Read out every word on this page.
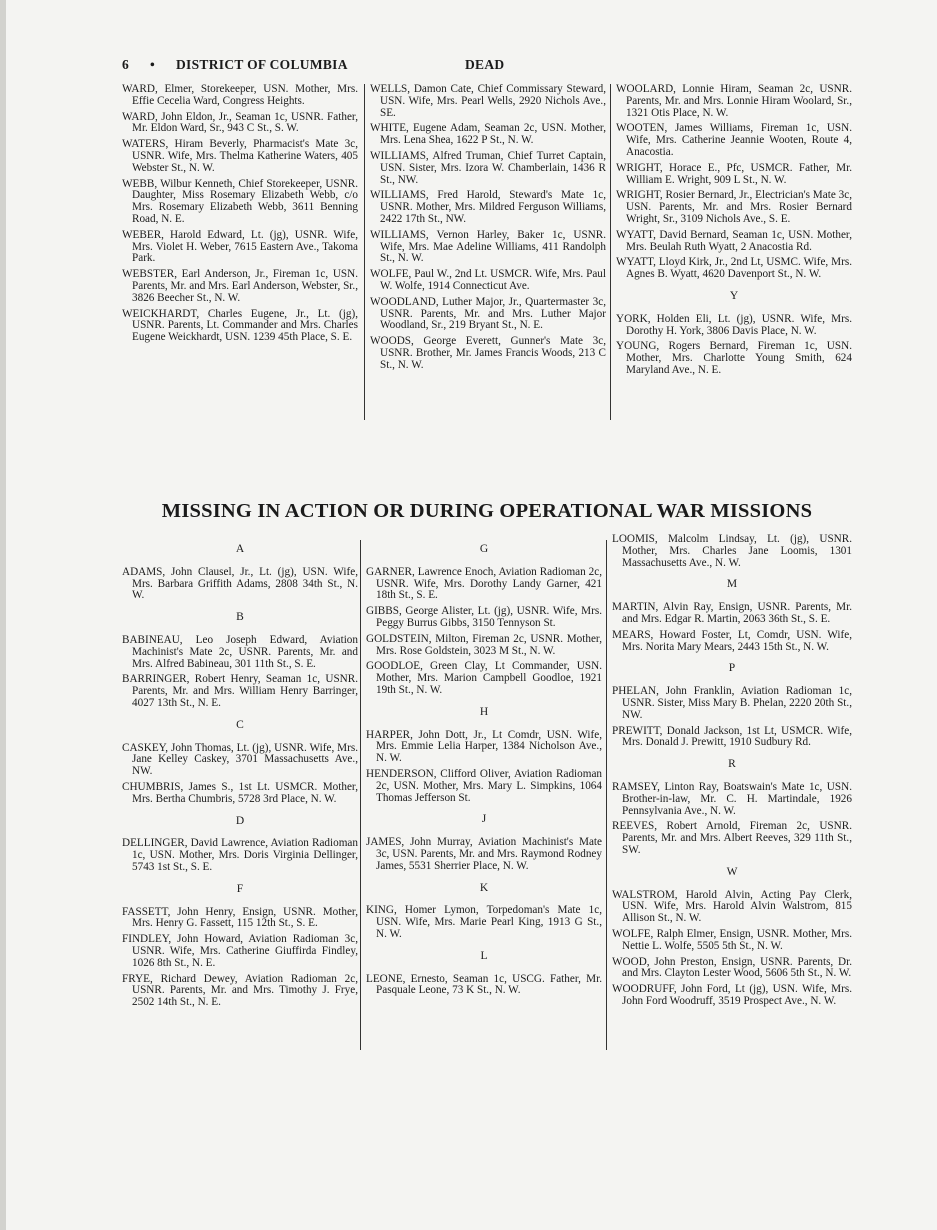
6 • DISTRICT OF COLUMBIA	DEAD
WARD, Elmer, Storekeeper, USN. Mother, Mrs. Effie Cecelia Ward, Congress Heights.
WARD, John Eldon, Jr., Seaman 1c, USNR. Father, Mr. Eldon Ward, Sr., 943 C St., S. W.
WATERS, Hiram Beverly, Pharmacist's Mate 3c, USNR. Wife, Mrs. Thelma Katherine Waters, 405 Webster St., N. W.
WEBB, Wilbur Kenneth, Chief Storekeeper, USNR. Daughter, Miss Rosemary Elizabeth Webb, c/o Mrs. Rosemary Elizabeth Webb, 3611 Benning Road, N. E.
WEBER, Harold Edward, Lt. (jg), USNR. Wife, Mrs. Violet H. Weber, 7615 Eastern Ave., Takoma Park.
WEBSTER, Earl Anderson, Jr., Fireman 1c, USN. Parents, Mr. and Mrs. Earl Anderson, Webster, Sr., 3826 Beecher St., N. W.
WEICKHARDT, Charles Eugene, Jr., Lt. (jg), USNR. Parents, Lt. Commander and Mrs. Charles Eugene Weickhardt, USN. 1239 45th Place, S. E.
WELLS, Damon Cate, Chief Commissary Steward, USN. Wife, Mrs. Pearl Wells, 2920 Nichols Ave., SE.
WHITE, Eugene Adam, Seaman 2c, USN. Mother, Mrs. Lena Shea, 1622 P St., N. W.
WILLIAMS, Alfred Truman, Chief Turret Captain, USN. Sister, Mrs. Izora W. Chamberlain, 1436 R St., NW.
WILLIAMS, Fred Harold, Steward's Mate 1c, USNR. Mother, Mrs. Mildred Ferguson Williams, 2422 17th St., NW.
WILLIAMS, Vernon Harley, Baker 1c, USNR. Wife, Mrs. Mae Adeline Williams, 411 Randolph St., N. W.
WOLFE, Paul W., 2nd Lt. USMCR. Wife, Mrs. Paul W. Wolfe, 1914 Connecticut Ave.
WOODLAND, Luther Major, Jr., Quartermaster 3c, USNR. Parents, Mr. and Mrs. Luther Major Woodland, Sr., 219 Bryant St., N. E.
WOODS, George Everett, Gunner's Mate 3c, USNR. Brother, Mr. James Francis Woods, 213 C St., N. W.
WOOLARD, Lonnie Hiram, Seaman 2c, USNR. Parents, Mr. and Mrs. Lonnie Hiram Woolard, Sr., 1321 Otis Place, N. W.
WOOTEN, James Williams, Fireman 1c, USN. Wife, Mrs. Catherine Jeannie Wooten, Route 4, Anacostia.
WRIGHT, Horace E., Pfc, USMCR. Father, Mr. William E. Wright, 909 L St., N. W.
WRIGHT, Rosier Bernard, Jr., Electrician's Mate 3c, USN. Parents, Mr. and Mrs. Rosier Bernard Wright, Sr., 3109 Nichols Ave., S. E.
WYATT, David Bernard, Seaman 1c, USN. Mother, Mrs. Beulah Ruth Wyatt, 2 Anacostia Rd.
WYATT, Lloyd Kirk, Jr., 2nd Lt, USMC. Wife, Mrs. Agnes B. Wyatt, 4620 Davenport St., N. W.
Y
YORK, Holden Eli, Lt. (jg), USNR. Wife, Mrs. Dorothy H. York, 3806 Davis Place, N. W.
YOUNG, Rogers Bernard, Fireman 1c, USN. Mother, Mrs. Charlotte Young Smith, 624 Maryland Ave., N. E.
MISSING IN ACTION OR DURING OPERATIONAL WAR MISSIONS
A
ADAMS, John Clausel, Jr., Lt. (jg), USN. Wife, Mrs. Barbara Griffith Adams, 2808 34th St., N. W.
B
BABINEAU, Leo Joseph Edward, Aviation Machinist's Mate 2c, USNR. Parents, Mr. and Mrs. Alfred Babineau, 301 11th St., S. E.
BARRINGER, Robert Henry, Seaman 1c, USNR. Parents, Mr. and Mrs. William Henry Barringer, 4027 13th St., N. E.
C
CASKEY, John Thomas, Lt. (jg), USNR. Wife, Mrs. Jane Kelley Caskey, 3701 Massachusetts Ave., NW.
CHUMBRIS, James S., 1st Lt. USMCR. Mother, Mrs. Bertha Chumbris, 5728 3rd Place, N. W.
D
DELLINGER, David Lawrence, Aviation Radioman 1c, USN. Mother, Mrs. Doris Virginia Dellinger, 5743 1st St., S. E.
F
FASSETT, John Henry, Ensign, USNR. Mother, Mrs. Henry G. Fassett, 115 12th St., S. E.
FINDLEY, John Howard, Aviation Radioman 3c, USNR. Wife, Mrs. Catherine Giuffirda Findley, 1026 8th St., N. E.
FRYE, Richard Dewey, Aviation Radioman 2c, USNR. Parents, Mr. and Mrs. Timothy J. Frye, 2502 14th St., N. E.
G
GARNER, Lawrence Enoch, Aviation Radioman 2c, USNR. Wife, Mrs. Dorothy Landy Garner, 421 18th St., S. E.
GIBBS, George Alister, Lt. (jg), USNR. Wife, Mrs. Peggy Burrus Gibbs, 3150 Tennyson St.
GOLDSTEIN, Milton, Fireman 2c, USNR. Mother, Mrs. Rose Goldstein, 3023 M St., N. W.
GOODLOE, Green Clay, Lt Commander, USN. Mother, Mrs. Marion Campbell Goodloe, 1921 19th St., N. W.
H
HARPER, John Dott, Jr., Lt Comdr, USN. Wife, Mrs. Emmie Lelia Harper, 1384 Nicholson Ave., N. W.
HENDERSON, Clifford Oliver, Aviation Radioman 2c, USN. Mother, Mrs. Mary L. Simpkins, 1064 Thomas Jefferson St.
J
JAMES, John Murray, Aviation Machinist's Mate 3c, USN. Parents, Mr. and Mrs. Raymond Rodney James, 5531 Sherrier Place, N. W.
K
KING, Homer Lymon, Torpedoman's Mate 1c, USN. Wife, Mrs. Marie Pearl King, 1913 G St., N. W.
L
LEONE, Ernesto, Seaman 1c, USCG. Father, Mr. Pasquale Leone, 73 K St., N. W.
LOOMIS, Malcolm Lindsay, Lt. (jg), USNR. Mother, Mrs. Charles Jane Loomis, 1301 Massachusetts Ave., N. W.
M
MARTIN, Alvin Ray, Ensign, USNR. Parents, Mr. and Mrs. Edgar R. Martin, 2063 36th St., S. E.
MEARS, Howard Foster, Lt, Comdr, USN. Wife, Mrs. Norita Mary Mears, 2443 15th St., N. W.
P
PHELAN, John Franklin, Aviation Radioman 1c, USNR. Sister, Miss Mary B. Phelan, 2220 20th St., NW.
PREWITT, Donald Jackson, 1st Lt, USMCR. Wife, Mrs. Donald J. Prewitt, 1910 Sudbury Rd.
R
RAMSEY, Linton Ray, Boatswain's Mate 1c, USN. Brother-in-law, Mr. C. H. Martindale, 1926 Pennsylvania Ave., N. W.
REEVES, Robert Arnold, Fireman 2c, USNR. Parents, Mr. and Mrs. Albert Reeves, 329 11th St., SW.
W
WALSTROM, Harold Alvin, Acting Pay Clerk, USN. Wife, Mrs. Harold Alvin Walstrom, 815 Allison St., N. W.
WOLFE, Ralph Elmer, Ensign, USNR. Mother, Mrs. Nettie L. Wolfe, 5505 5th St., N. W.
WOOD, John Preston, Ensign, USNR. Parents, Dr. and Mrs. Clayton Lester Wood, 5606 5th St., N. W.
WOODRUFF, John Ford, Lt (jg), USN. Wife, Mrs. John Ford Woodruff, 3519 Prospect Ave., N. W.
